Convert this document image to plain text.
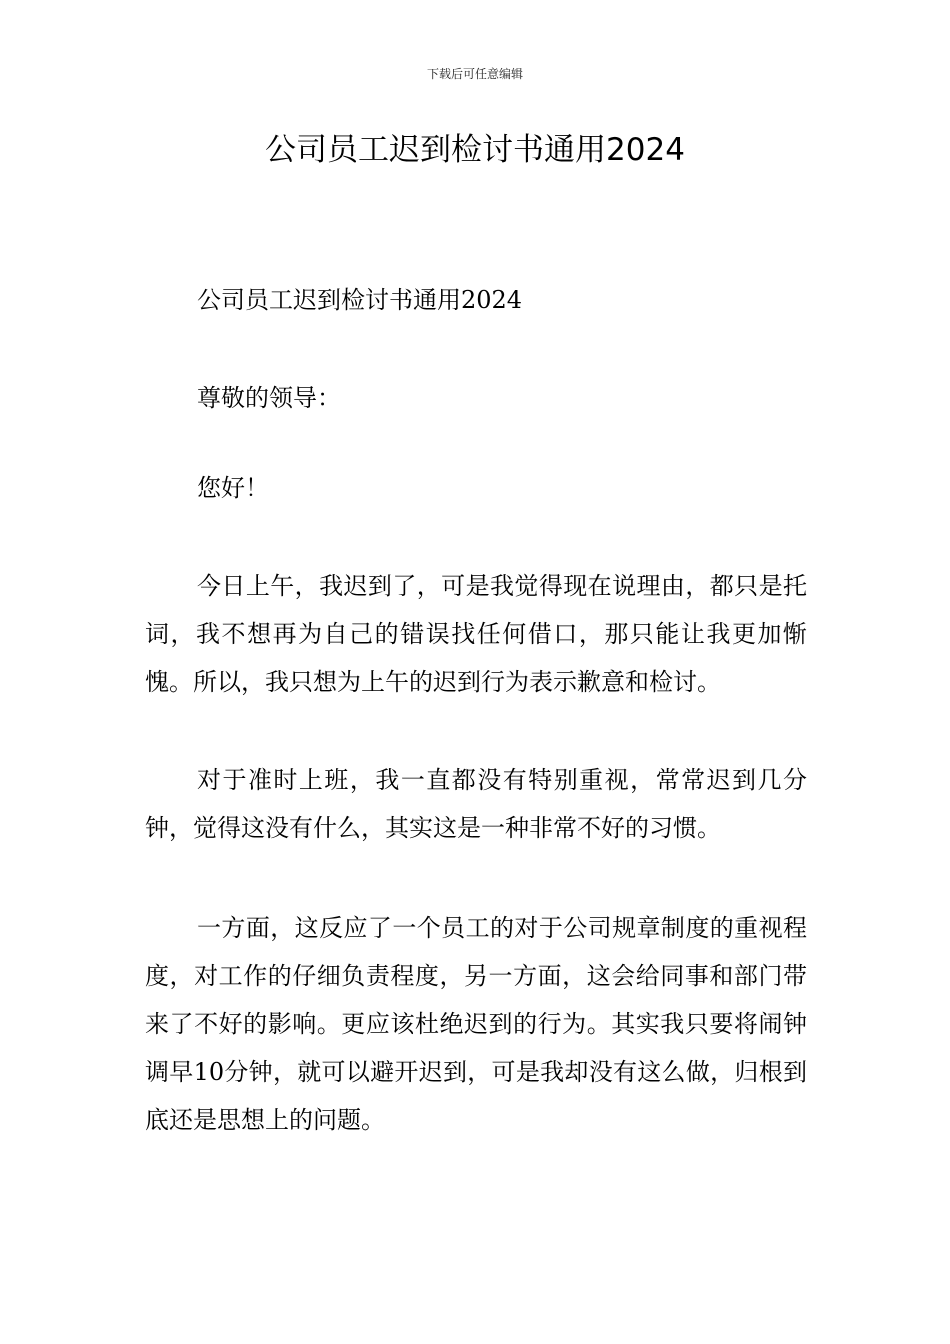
下载后可任意编辑
公司员工迟到检讨书通用2024

公司员工迟到检讨书通用2024

尊敬的领导：

您好！

今日上午，我迟到了，可是我觉得现在说理由，都只是托词，我不想再为自己的错误找任何借口，那只能让我更加惭愧。所以，我只想为上午的迟到行为表示歉意和检讨。

对于准时上班，我一直都没有特别重视，常常迟到几分钟，觉得这没有什么，其实这是一种非常不好的习惯。

一方面，这反应了一个员工的对于公司规章制度的重视程度，对工作的仔细负责程度，另一方面，这会给同事和部门带来了不好的影响。更应该杜绝迟到的行为。其实我只要将闹钟调早10分钟，就可以避开迟到，可是我却没有这么做，归根到底还是思想上的问题。
